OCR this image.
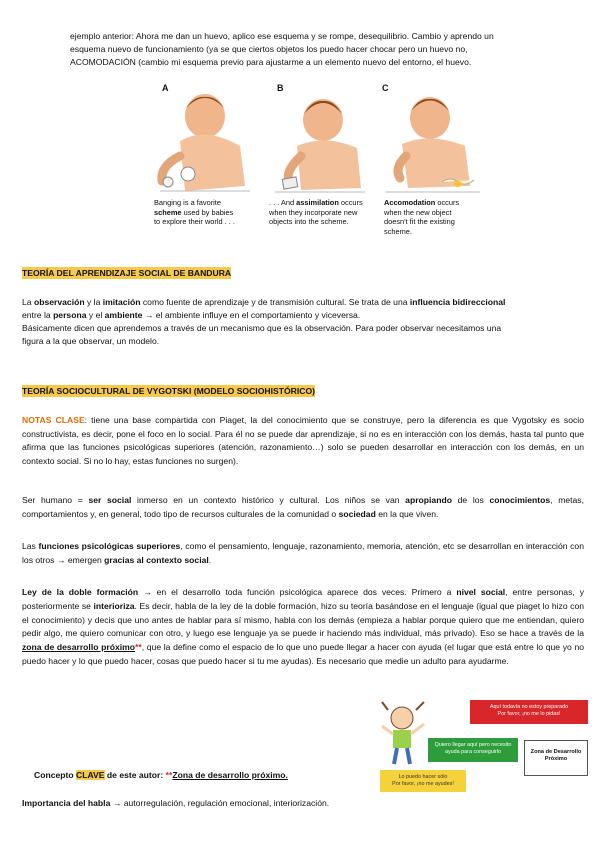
ejemplo anterior: Ahora me dan un huevo, aplico ese esquema y se rompe, desequilibrio. Cambio y aprendo un

esquema nuevo de funcionamiento (ya se que ciertos objetos los puedo hacer chocar pero un huevo no,

ACOMODACIÓN (cambio mi esquema previo para ajustarme a un elemento nuevo del entorno, el huevo.

A

Banging is a favorite

scheme used by babies

to explore their world . . .

B

. . . And assimilation occurs

when they incorporate new

objects into the scheme.

C

Accomodation occurs

when the new object

doesn't fit the existing

scheme.

TEORÍA DEL APRENDIZAJE SOCIAL DE BANDURA

La observación y la imitación como fuente de aprendizaje y de transmisión cultural. Se trata de una influencia bidireccional

entre la persona y el ambiente → el ambiente influye en el comportamiento y viceversa.

Básicamente dicen que aprendemos a través de un mecanismo que es la observación. Para poder observar necesitamos una

figura a la que observar, un modelo.

TEORÍA SOCIOCULTURAL DE VYGOTSKI (MODELO SOCIOHISTÓRICO)

NOTAS CLASE: tiene una base compartida con Piaget, la del conocimiento que se construye, pero la diferencia es que Vygotsky es socio constructivista, es decir, pone el foco en lo social. Para él no se puede dar aprendizaje, si no es en interacción con los demás, hasta tal punto que afirma que las funciones psicológicas superiores (atención, razonamiento…) solo se pueden desarrollar en interacción con los demás, en un contexto social. Si no lo hay, estas funciones no surgen).

Ser humano = ser social inmerso en un contexto histórico y cultural. Los niños se van apropiando de los conocimientos, metas, comportamientos y, en general, todo tipo de recursos culturales de la comunidad o sociedad en la que viven.

Las funciones psicológicas superiores, como el pensamiento, lenguaje, razonamiento, memoria, atención, etc se desarrollan en interacción con los otros → emergen gracias al contexto social.

Ley de la doble formación → en el desarrollo toda función psicológica aparece dos veces. Primero a nivel social, entre personas, y posteriormente se interioriza. Es decir, habla de la ley de la doble formación, hizo su teoría basándose en el lenguaje (igual que piaget lo hizo con el conocimiento) y decis que uno antes de hablar para sí mismo, habla con los demás (empieza a hablar porque quiero que me entiendan, quiero pedir algo, me quiero comunicar con otro, y luego ese lenguaje ya se puede ir haciendo más individual, más privado). Eso se hace a través de la zona de desarrollo próximo**, que la define como el espacio de lo que uno puede llegar a hacer con ayuda (el lugar que está entre lo que yo no puedo hacer y lo que puedo hacer, cosas que puedo hacer si tu me ayudas). Es necesario que medie un adulto para ayudarme.

Aquí todavía no estoy preparado

Por favor, ¡no me lo pidas!

Quiero llegar aquí pero necesito

ayuda para conseguirlo

Lo puedo hacer sólo

Por favor, ¡no me ayudes!

Zona de Desarrollo

Próximo

Concepto CLAVE de este autor: **Zona de desarrollo próximo.

Importancia del habla → autorregulación, regulación emocional, interiorización.
